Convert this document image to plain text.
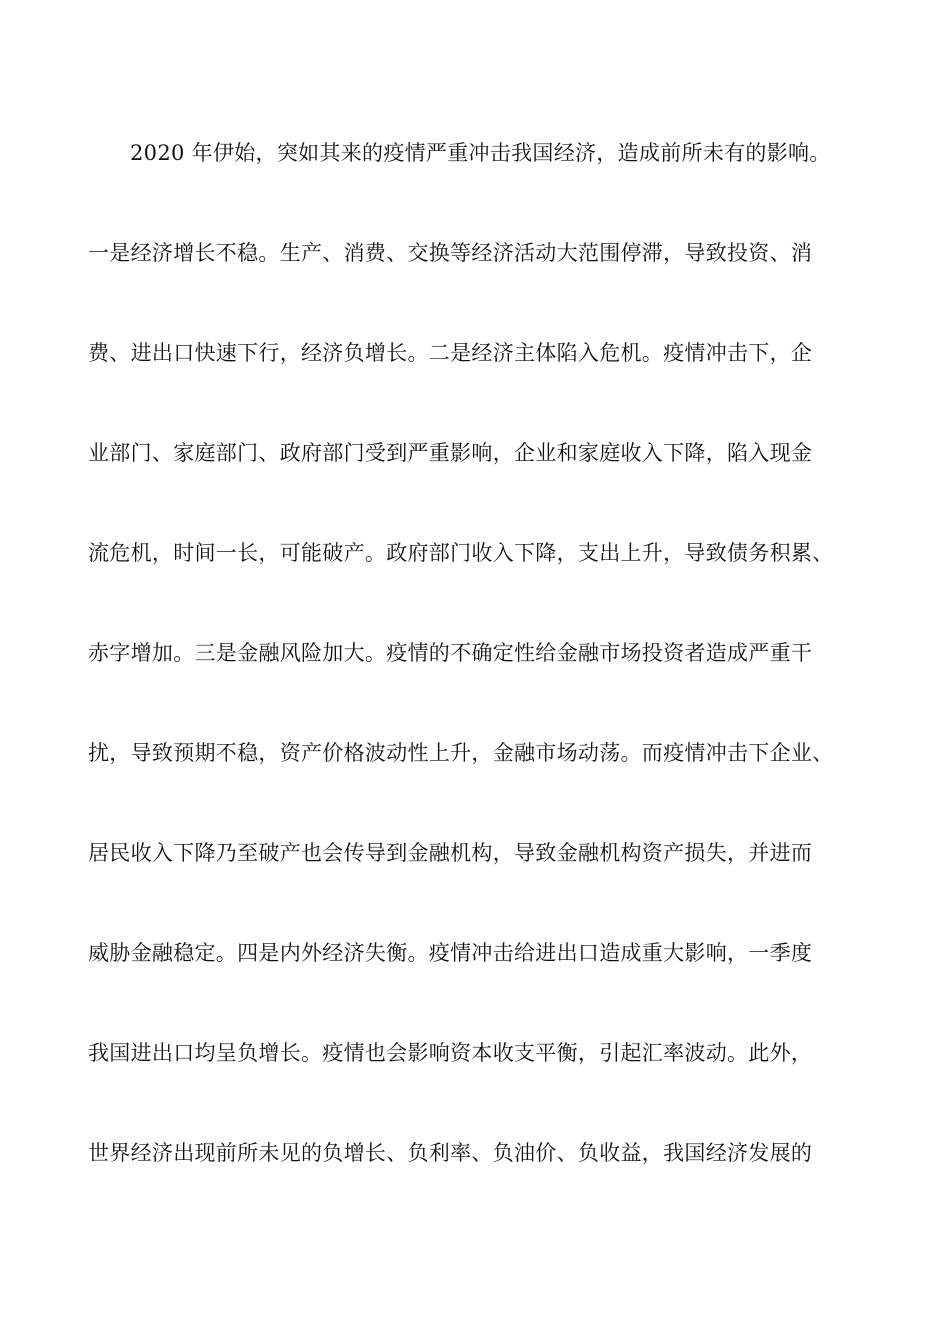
2020 年伊始，突如其来的疫情严重冲击我国经济，造成前所未有的影响。
一是经济增长不稳。生产、消费、交换等经济活动大范围停滞，导致投资、消
费、进出口快速下行，经济负增长。二是经济主体陷入危机。疫情冲击下，企
业部门、家庭部门、政府部门受到严重影响，企业和家庭收入下降，陷入现金
流危机，时间一长，可能破产。政府部门收入下降，支出上升，导致债务积累、
赤字增加。三是金融风险加大。疫情的不确定性给金融市场投资者造成严重干
扰，导致预期不稳，资产价格波动性上升，金融市场动荡。而疫情冲击下企业、
居民收入下降乃至破产也会传导到金融机构，导致金融机构资产损失，并进而
威胁金融稳定。四是内外经济失衡。疫情冲击给进出口造成重大影响，一季度
我国进出口均呈负增长。疫情也会影响资本收支平衡，引起汇率波动。此外，
世界经济出现前所未见的负增长、负利率、负油价、负收益，我国经济发展的
